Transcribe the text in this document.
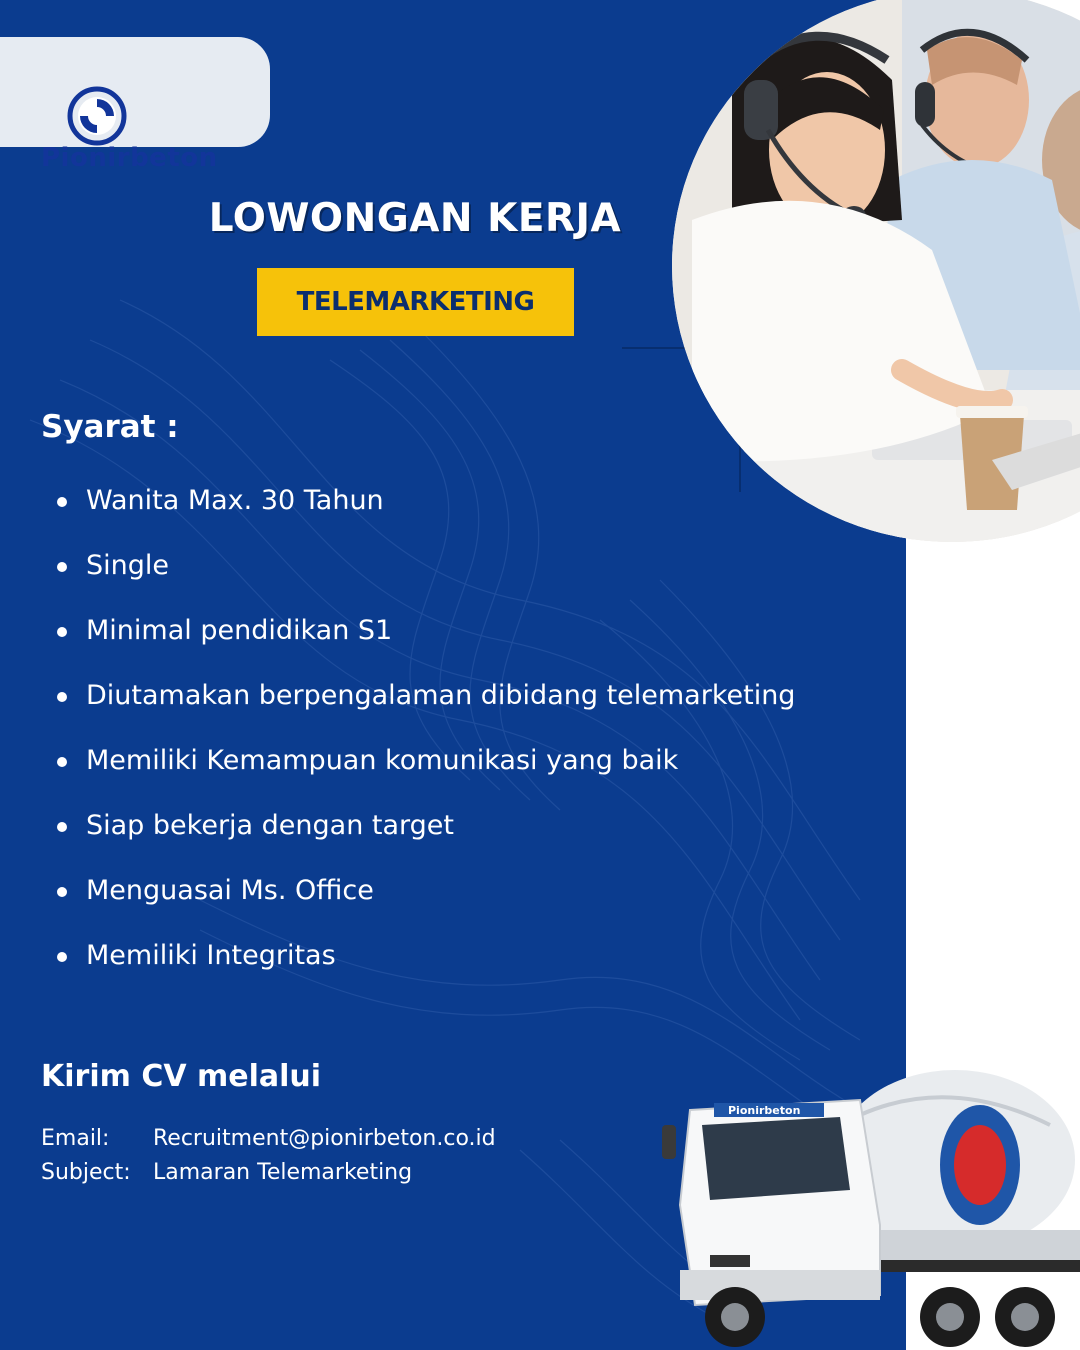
Pionirbeton
LOWONGAN KERJA
TELEMARKETING
Syarat :
Wanita Max. 30 Tahun
Single
Minimal pendidikan S1
Diutamakan berpengalaman dibidang telemarketing
Memiliki Kemampuan komunikasi yang baik
Siap bekerja dengan target
Menguasai Ms. Office
Memiliki Integritas
Kirim CV melalui
Email: Recruitment@pionirbeton.co.id
Subject: Lamaran Telemarketing
Pionirbeton
